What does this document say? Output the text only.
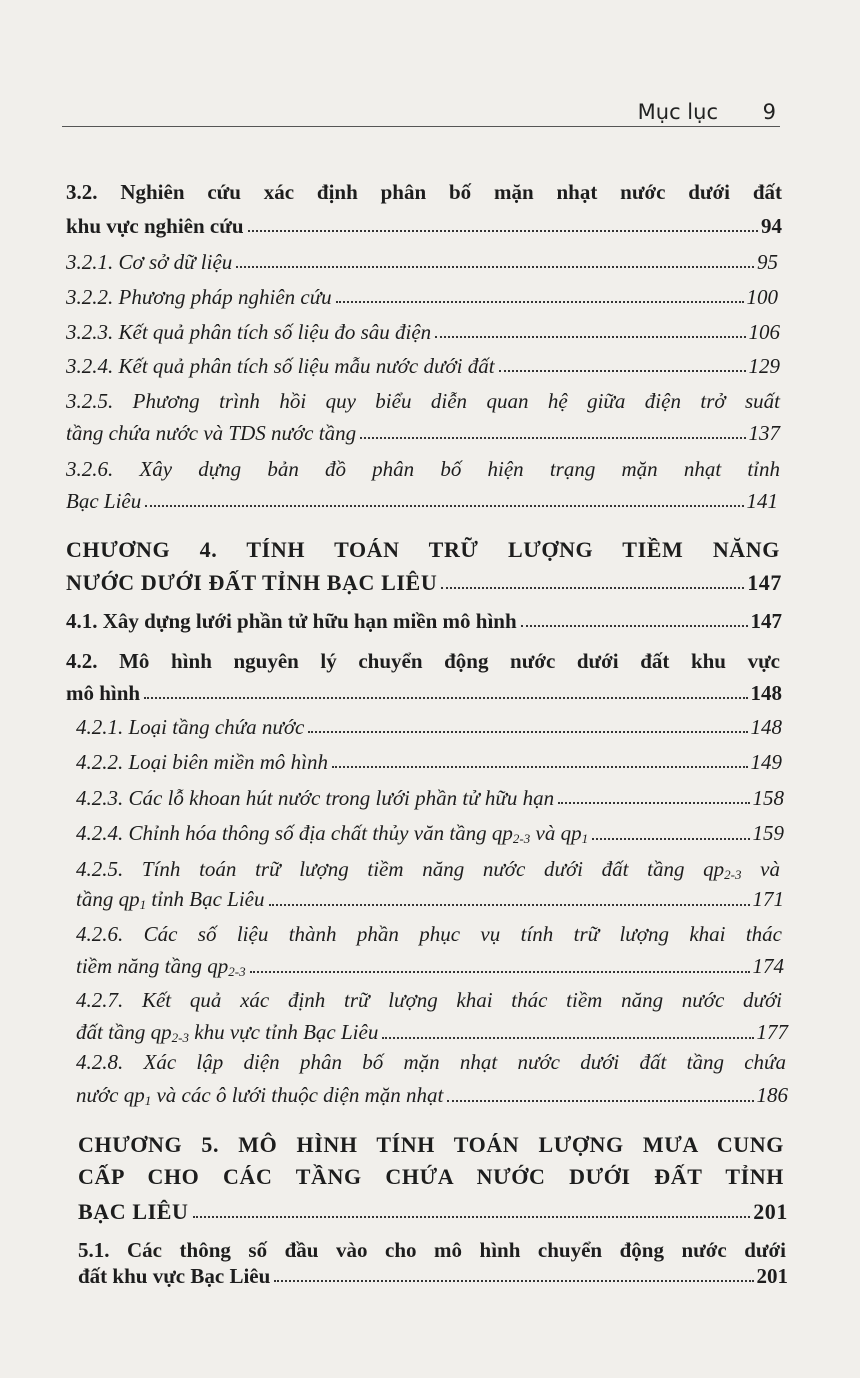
Mục lục 9
3.2. Nghiên cứu xác định phân bố mặn nhạt nước dưới đất
khu vực nghiên cứu	94
3.2.1. Cơ sở dữ liệu	95
3.2.2. Phương pháp nghiên cứu	100
3.2.3. Kết quả phân tích số liệu đo sâu điện	106
3.2.4. Kết quả phân tích số liệu mẫu nước dưới đất	129
3.2.5. Phương trình hồi quy biểu diễn quan hệ giữa điện trở suất
tầng chứa nước và TDS nước tầng	137
3.2.6. Xây dựng bản đồ phân bố hiện trạng mặn nhạt tỉnh
Bạc Liêu	141
CHƯƠNG 4. TÍNH TOÁN TRỮ LƯỢNG TIỀM NĂNG
NƯỚC DƯỚI ĐẤT TỈNH BẠC LIÊU	147
4.1. Xây dựng lưới phần tử hữu hạn miền mô hình	147
4.2. Mô hình nguyên lý chuyển động nước dưới đất khu vực
mô hình	148
4.2.1. Loại tầng chứa nước	148
4.2.2. Loại biên miền mô hình	149
4.2.3. Các lỗ khoan hút nước trong lưới phần tử hữu hạn	158
4.2.4. Chỉnh hóa thông số địa chất thủy văn tầng $qp_{2-3}$ và $qp_1$	159
4.2.5. Tính toán trữ lượng tiềm năng nước dưới đất tầng $qp_{2-3}$ và
tầng $qp_1$ tỉnh Bạc Liêu	171
4.2.6. Các số liệu thành phần phục vụ tính trữ lượng khai thác
tiềm năng tầng $qp_{2-3}$	174
4.2.7. Kết quả xác định trữ lượng khai thác tiềm năng nước dưới
đất tầng $qp_{2-3}$ khu vực tỉnh Bạc Liêu	177
4.2.8. Xác lập diện phân bố mặn nhạt nước dưới đất tầng chứa
nước $qp_1$ và các ô lưới thuộc diện mặn nhạt	186
CHƯƠNG 5. MÔ HÌNH TÍNH TOÁN LƯỢNG MƯA CUNG
CẤP CHO CÁC TẦNG CHỨA NƯỚC DƯỚI ĐẤT TỈNH
BẠC LIÊU	201
5.1. Các thông số đầu vào cho mô hình chuyển động nước dưới
đất khu vực Bạc Liêu	201
